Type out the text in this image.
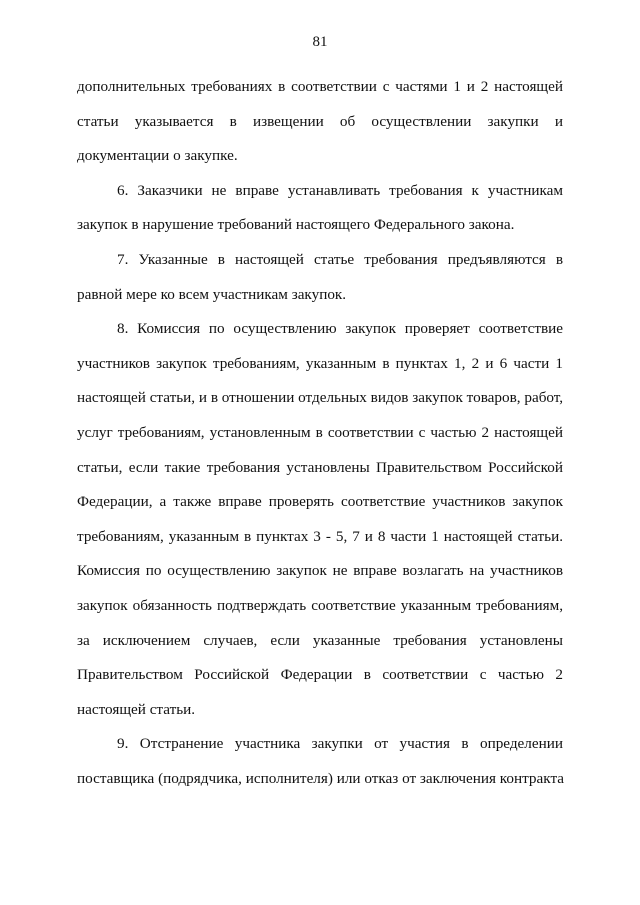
81

дополнительных требованиях в соответствии с частями 1 и 2 настоящей
статьи указывается в извещении об осуществлении закупки и
документации о закупке.

6. Заказчики не вправе устанавливать требования к участникам
закупок в нарушение требований настоящего Федерального закона.

7. Указанные в настоящей статье требования предъявляются в
равной мере ко всем участникам закупок.

8. Комиссия по осуществлению закупок проверяет соответствие
участников закупок требованиям, указанным в пунктах 1, 2 и 6 части 1
настоящей статьи, и в отношении отдельных видов закупок товаров, работ,
услуг требованиям, установленным в соответствии с частью 2 настоящей
статьи, если такие требования установлены Правительством Российской
Федерации, а также вправе проверять соответствие участников закупок
требованиям, указанным в пунктах 3 - 5, 7 и 8 части 1 настоящей статьи.
Комиссия по осуществлению закупок не вправе возлагать на участников
закупок обязанность подтверждать соответствие указанным требованиям,
за исключением случаев, если указанные требования установлены
Правительством Российской Федерации в соответствии с частью 2
настоящей статьи.

9. Отстранение участника закупки от участия в определении
поставщика (подрядчика, исполнителя) или отказ от заключения контракта
